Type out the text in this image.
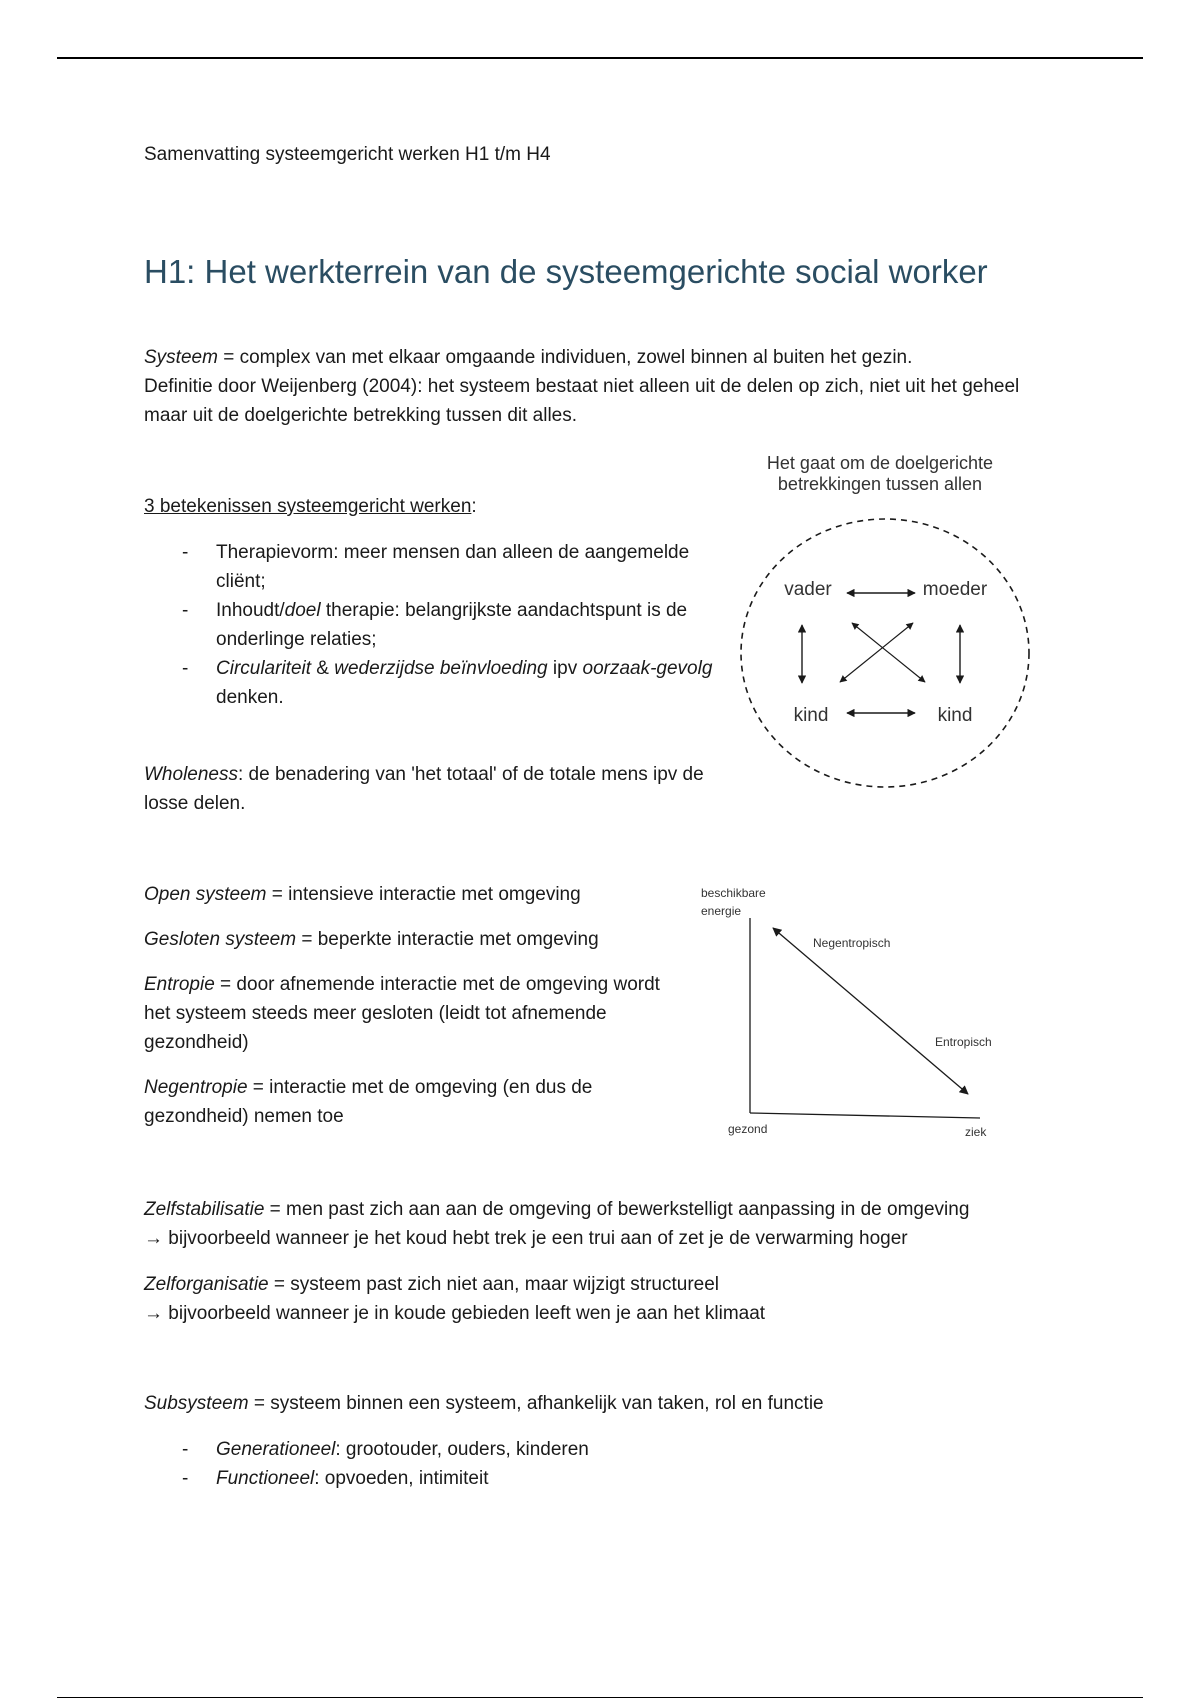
Samenvatting systeemgericht werken H1 t/m H4
H1: Het werkterrein van de systeemgerichte social worker
Systeem = complex van met elkaar omgaande individuen, zowel binnen al buiten het gezin.
Definitie door Weijenberg (2004): het systeem bestaat niet alleen uit de delen op zich, niet uit het geheel maar uit de doelgerichte betrekking tussen dit alles.
3 betekenissen systeemgericht werken:
- Therapievorm: meer mensen dan alleen de aangemelde cliënt;
- Inhoudt/doel therapie: belangrijkste aandachtspunt is de onderlinge relaties;
- Circulariteit & wederzijdse beïnvloeding ipv oorzaak-gevolg denken.
Wholeness: de benadering van 'het totaal' of de totale mens ipv de losse delen.
Het gaat om de doelgerichte
betrekkingen tussen allen
vader	moeder
kind	kind
Open systeem = intensieve interactie met omgeving
Gesloten systeem = beperkte interactie met omgeving
Entropie = door afnemende interactie met de omgeving wordt het systeem steeds meer gesloten (leidt tot afnemende gezondheid)
Negentropie = interactie met de omgeving (en dus de gezondheid) nemen toe
beschikbare
energie
Negentropisch
Entropisch
gezond	ziek
Zelfstabilisatie = men past zich aan aan de omgeving of bewerkstelligt aanpassing in de omgeving
→ bijvoorbeeld wanneer je het koud hebt trek je een trui aan of zet je de verwarming hoger
Zelforganisatie = systeem past zich niet aan, maar wijzigt structureel
→ bijvoorbeeld wanneer je in koude gebieden leeft wen je aan het klimaat
Subsysteem = systeem binnen een systeem, afhankelijk van taken, rol en functie
- Generationeel: grootouder, ouders, kinderen
- Functioneel: opvoeden, intimiteit
